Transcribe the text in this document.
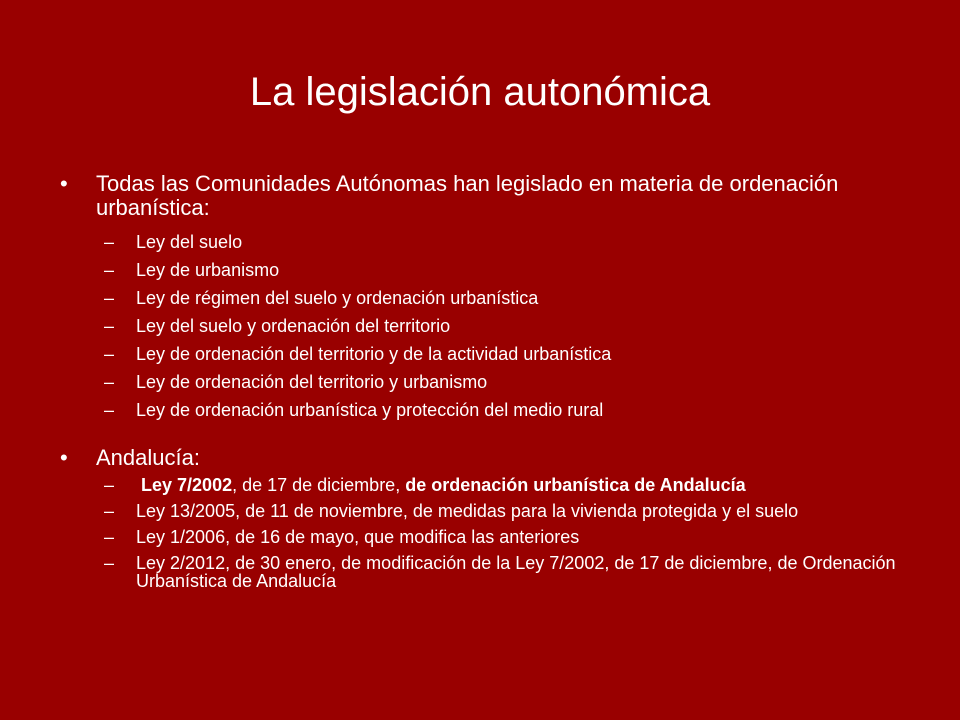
La legislación autonómica
•	Todas las Comunidades Autónomas han legislado en materia de ordenación urbanística:
– Ley del suelo
– Ley de urbanismo
– Ley de régimen del suelo y ordenación urbanística
– Ley del suelo y ordenación del territorio
– Ley de ordenación del territorio y de la actividad urbanística
– Ley de ordenación del territorio y urbanismo
– Ley de ordenación urbanística y protección del medio rural
•	Andalucía:
– Ley 7/2002, de 17 de diciembre, de ordenación urbanística de Andalucía
– Ley 13/2005, de 11 de noviembre, de medidas para la vivienda protegida y el suelo
– Ley 1/2006, de 16 de mayo, que modifica las anteriores
– Ley 2/2012, de 30 enero, de modificación de la Ley 7/2002, de 17 de diciembre, de Ordenación Urbanística de Andalucía
